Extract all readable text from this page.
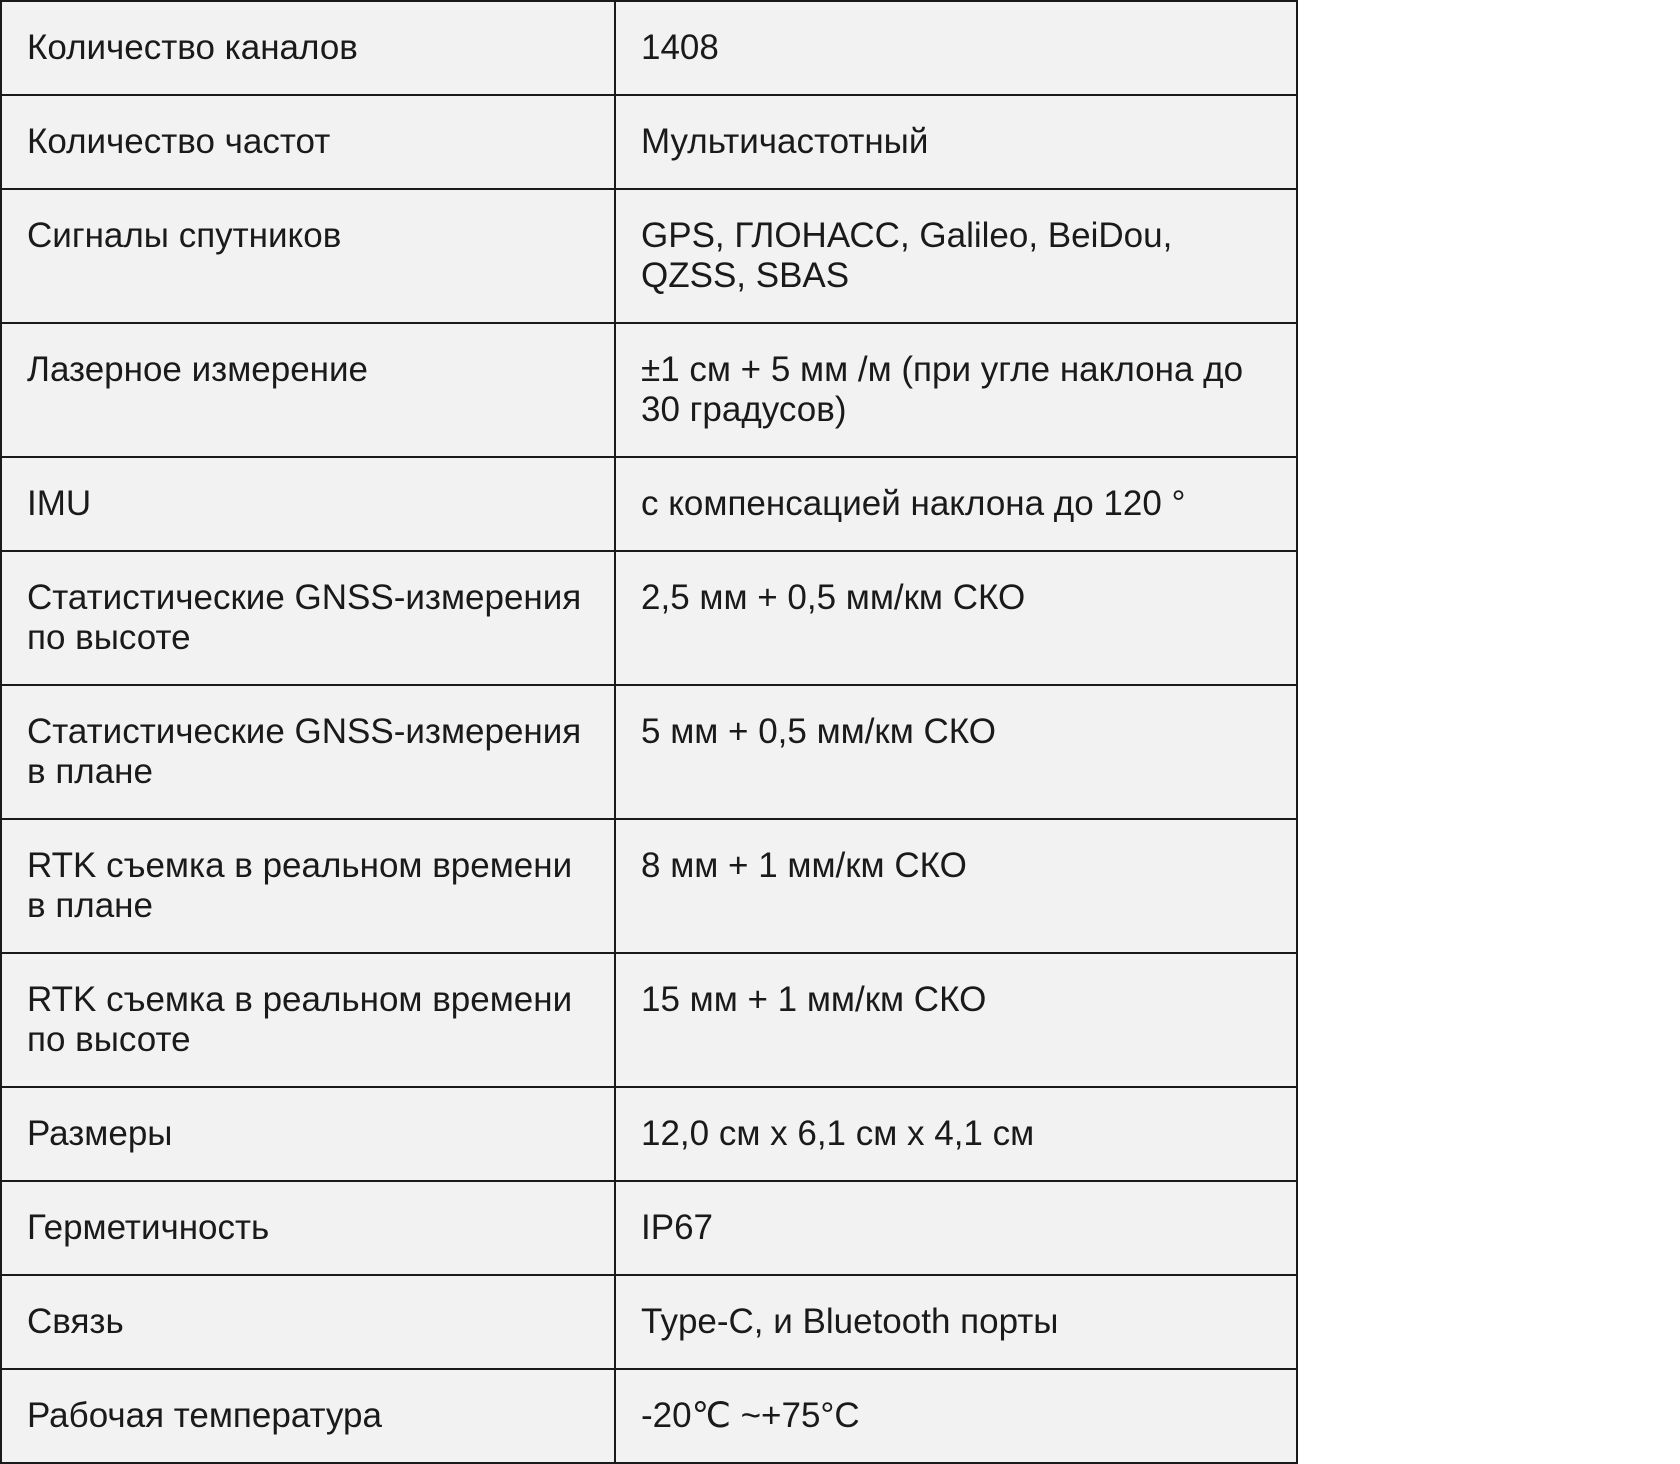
Количество каналов	1408
Количество частот	Мультичастотный
Сигналы спутников	GPS, ГЛОНАСС, Galileo, BeiDou, QZSS, SBAS
Лазерное измерение	±1 см + 5 мм /м (при угле наклона до 30 градусов)
IMU	с компенсацией наклона до 120 °
Статистические GNSS-измерения по высоте	2,5 мм + 0,5 мм/км СКО
Статистические GNSS-измерения в плане	5 мм + 0,5 мм/км СКО
RTK съемка в реальном времени в плане	8 мм + 1 мм/км СКО
RTK съемка в реальном времени по высоте	15 мм + 1 мм/км СКО
Размеры	12,0 см x 6,1 см x 4,1 см
Герметичность	IP67
Связь	Type-C, и Bluetooth порты
Рабочая температура	-20℃ ~+75°C
